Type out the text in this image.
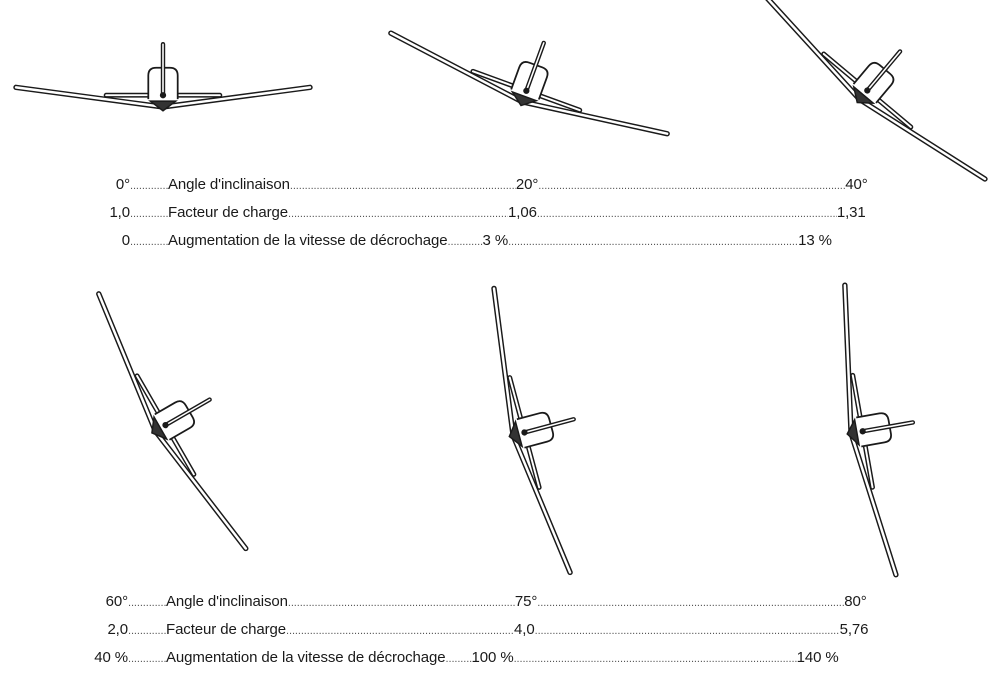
0° .....	Angle d'inclinaison .....	20° .....	40°
1,0 .....	Facteur de charge .....	1,06 .....	1,31
0 .....	Augmentation de la vitesse de décrochage ..... 3 % .....	13 %
60° .....	Angle d'inclinaison .....	75° .....	80°
2,0 .....	Facteur de charge .....	4,0 .....	5,76
40 % .....	Augmentation de la vitesse de décrochage ..... 100 % .....	140 %
